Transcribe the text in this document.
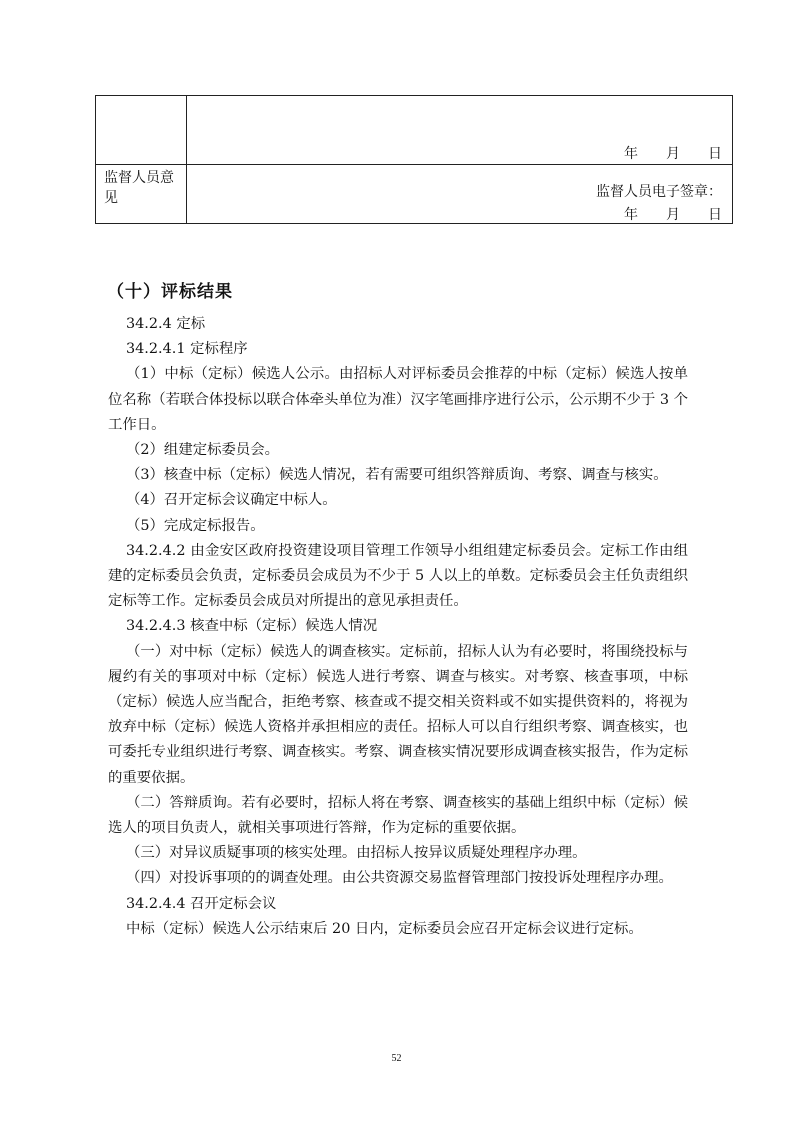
	年　　月　　日

监督人员意见	监督人员电子签章：
年　　月　　日
（十）评标结果

34.2.4 定标

34.2.4.1 定标程序

（1）中标（定标）候选人公示。由招标人对评标委员会推荐的中标（定标）候选人按单位名称（若联合体投标以联合体牵头单位为准）汉字笔画排序进行公示，公示期不少于 3 个工作日。

（2）组建定标委员会。

（3）核查中标（定标）候选人情况，若有需要可组织答辩质询、考察、调查与核实。

（4）召开定标会议确定中标人。

（5）完成定标报告。

34.2.4.2 由金安区政府投资建设项目管理工作领导小组组建定标委员会。定标工作由组建的定标委员会负责，定标委员会成员为不少于 5 人以上的单数。定标委员会主任负责组织定标等工作。定标委员会成员对所提出的意见承担责任。

34.2.4.3 核查中标（定标）候选人情况

（一）对中标（定标）候选人的调查核实。定标前，招标人认为有必要时，将围绕投标与履约有关的事项对中标（定标）候选人进行考察、调查与核实。对考察、核查事项，中标（定标）候选人应当配合，拒绝考察、核查或不提交相关资料或不如实提供资料的，将视为放弃中标（定标）候选人资格并承担相应的责任。招标人可以自行组织考察、调查核实，也可委托专业组织进行考察、调查核实。考察、调查核实情况要形成调查核实报告，作为定标的重要依据。

（二）答辩质询。若有必要时，招标人将在考察、调查核实的基础上组织中标（定标）候选人的项目负责人，就相关事项进行答辩，作为定标的重要依据。

（三）对异议质疑事项的核实处理。由招标人按异议质疑处理程序办理。

（四）对投诉事项的的调查处理。由公共资源交易监督管理部门按投诉处理程序办理。

34.2.4.4 召开定标会议

中标（定标）候选人公示结束后 20 日内，定标委员会应召开定标会议进行定标。

52
